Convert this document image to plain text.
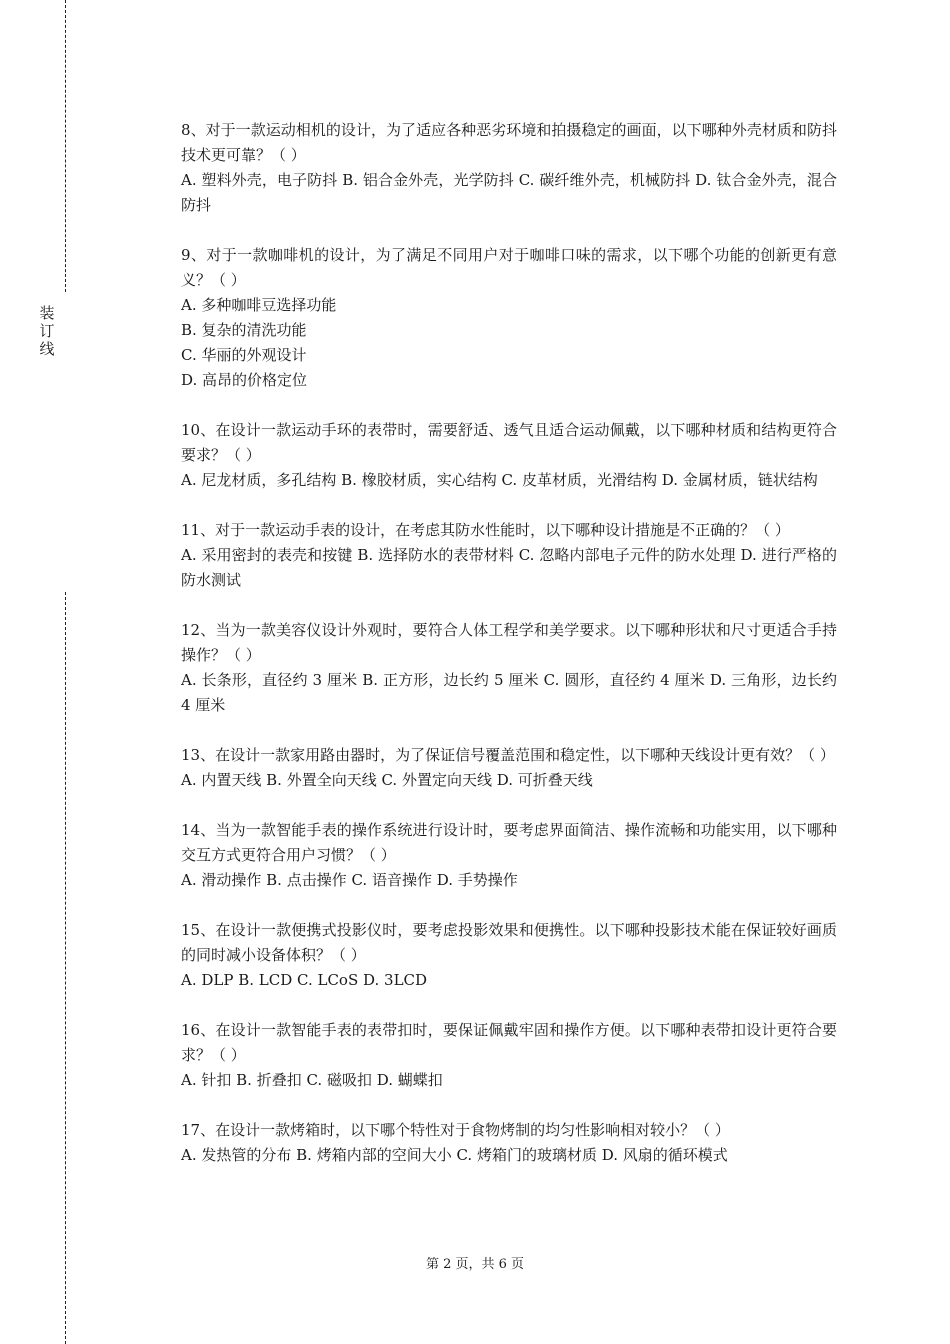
装订线

8、对于一款运动相机的设计，为了适应各种恶劣环境和拍摄稳定的画面，以下哪种外壳材质和防抖技术更可靠？（ ）

A. 塑料外壳，电子防抖 B. 铝合金外壳，光学防抖 C. 碳纤维外壳，机械防抖 D. 钛合金外壳，混合防抖

9、对于一款咖啡机的设计，为了满足不同用户对于咖啡口味的需求，以下哪个功能的创新更有意义？（ ）

A. 多种咖啡豆选择功能

B. 复杂的清洗功能

C. 华丽的外观设计

D. 高昂的价格定位

10、在设计一款运动手环的表带时，需要舒适、透气且适合运动佩戴，以下哪种材质和结构更符合要求？（ ）

A. 尼龙材质，多孔结构 B. 橡胶材质，实心结构 C. 皮革材质，光滑结构 D. 金属材质，链状结构

11、对于一款运动手表的设计，在考虑其防水性能时，以下哪种设计措施是不正确的？（ ）

A. 采用密封的表壳和按键 B. 选择防水的表带材料 C. 忽略内部电子元件的防水处理 D. 进行严格的防水测试

12、当为一款美容仪设计外观时，要符合人体工程学和美学要求。以下哪种形状和尺寸更适合手持操作？（ ）

A. 长条形，直径约 3 厘米 B. 正方形，边长约 5 厘米 C. 圆形，直径约 4 厘米 D. 三角形，边长约 4 厘米

13、在设计一款家用路由器时，为了保证信号覆盖范围和稳定性，以下哪种天线设计更有效？（ ）

A. 内置天线 B. 外置全向天线 C. 外置定向天线 D. 可折叠天线

14、当为一款智能手表的操作系统进行设计时，要考虑界面简洁、操作流畅和功能实用，以下哪种交互方式更符合用户习惯？（ ）

A. 滑动操作 B. 点击操作 C. 语音操作 D. 手势操作

15、在设计一款便携式投影仪时，要考虑投影效果和便携性。以下哪种投影技术能在保证较好画质的同时减小设备体积？（ ）

A. DLP B. LCD C. LCoS D. 3LCD

16、在设计一款智能手表的表带扣时，要保证佩戴牢固和操作方便。以下哪种表带扣设计更符合要求？（ ）

A. 针扣 B. 折叠扣 C. 磁吸扣 D. 蝴蝶扣

17、在设计一款烤箱时，以下哪个特性对于食物烤制的均匀性影响相对较小？（ ）

A. 发热管的分布 B. 烤箱内部的空间大小 C. 烤箱门的玻璃材质 D. 风扇的循环模式

第 2 页，共 6 页
